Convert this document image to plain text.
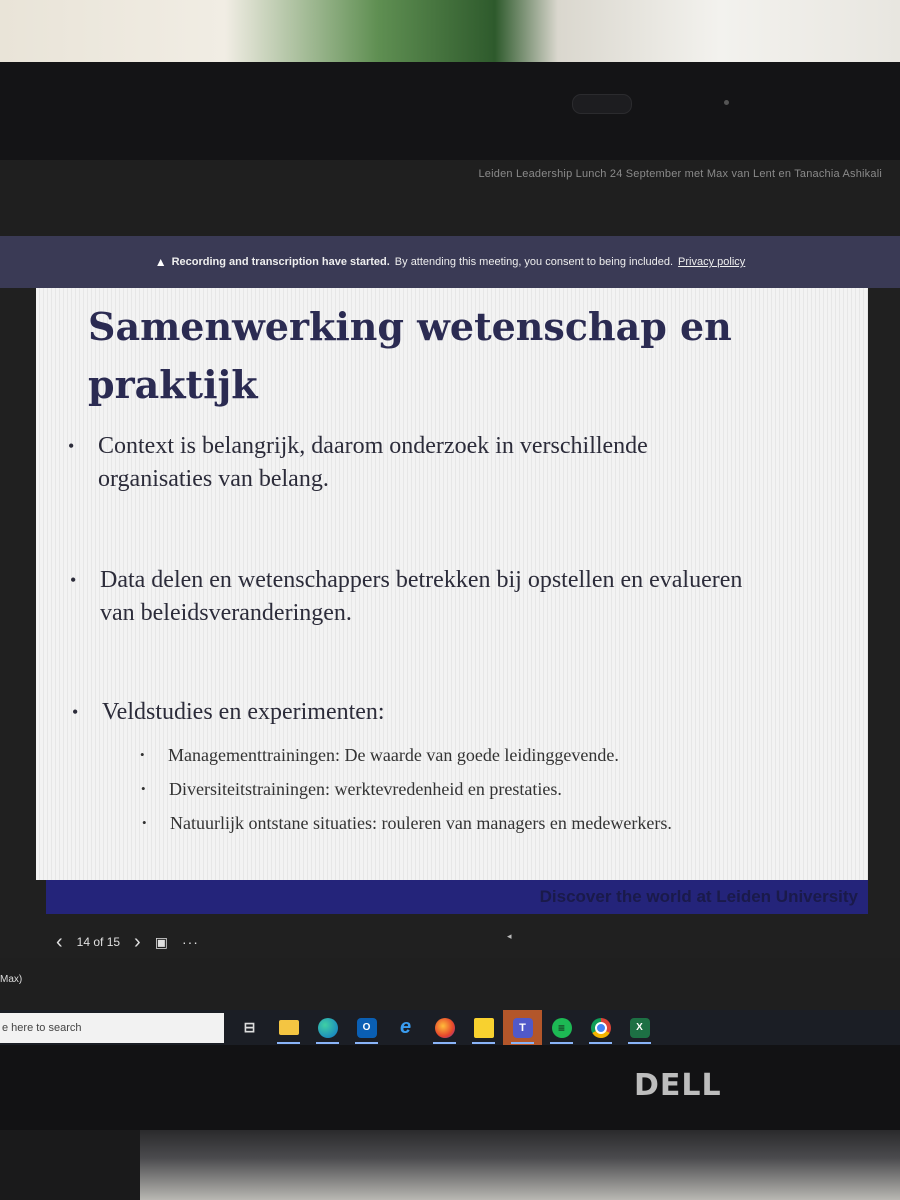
Leiden Leadership Lunch 24 September met Max van Lent en Tanachia Ashikali
▲ Recording and transcription have started. By attending this meeting, you consent to being included. Privacy policy
Samenwerking wetenschap en praktijk
• Context is belangrijk, daarom onderzoek in verschillende organisaties van belang.
• Data delen en wetenschappers betrekken bij opstellen en evalueren van beleidsveranderingen.
• Veldstudies en experimenten:
• Managementtrainingen: De waarde van goede leidinggevende.
• Diversiteitstrainingen: werktevredenheid en prestaties.
• Natuurlijk ontstane situaties: rouleren van managers en medewerkers.
Discover the world at Leiden University
‹ 14 of 15 › ▣ ···	◂
Max)
e here to search	⊟	O	e	T	≡	X
DELL
